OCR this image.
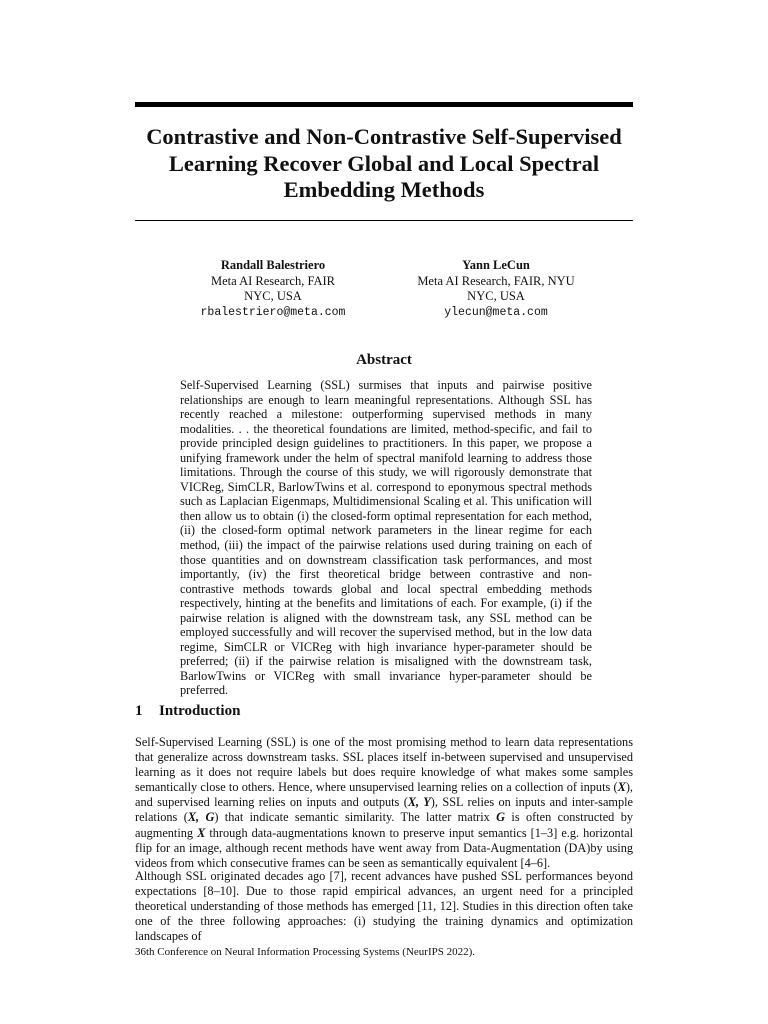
Contrastive and Non-Contrastive Self-Supervised Learning Recover Global and Local Spectral Embedding Methods
Randall Balestriero
Meta AI Research, FAIR
NYC, USA
rbalestriero@meta.com
Yann LeCun
Meta AI Research, FAIR, NYU
NYC, USA
ylecun@meta.com
Abstract

Self-Supervised Learning (SSL) surmises that inputs and pairwise positive relationships are enough to learn meaningful representations. Although SSL has recently reached a milestone: outperforming supervised methods in many modalities. . . the theoretical foundations are limited, method-specific, and fail to provide principled design guidelines to practitioners. In this paper, we propose a unifying framework under the helm of spectral manifold learning to address those limitations. Through the course of this study, we will rigorously demonstrate that VICReg, SimCLR, BarlowTwins et al. correspond to eponymous spectral methods such as Laplacian Eigenmaps, Multidimensional Scaling et al. This unification will then allow us to obtain (i) the closed-form optimal representation for each method, (ii) the closed-form optimal network parameters in the linear regime for each method, (iii) the impact of the pairwise relations used during training on each of those quantities and on downstream classification task performances, and most importantly, (iv) the first theoretical bridge between contrastive and non-contrastive methods towards global and local spectral embedding methods respectively, hinting at the benefits and limitations of each. For example, (i) if the pairwise relation is aligned with the downstream task, any SSL method can be employed successfully and will recover the supervised method, but in the low data regime, SimCLR or VICReg with high invariance hyper-parameter should be preferred; (ii) if the pairwise relation is misaligned with the downstream task, BarlowTwins or VICReg with small invariance hyper-parameter should be preferred.

1 Introduction

Self-Supervised Learning (SSL) is one of the most promising method to learn data representations that generalize across downstream tasks. SSL places itself in-between supervised and unsupervised learning as it does not require labels but does require knowledge of what makes some samples semantically close to others. Hence, where unsupervised learning relies on a collection of inputs (X), and supervised learning relies on inputs and outputs (X, Y), SSL relies on inputs and inter-sample relations (X, G) that indicate semantic similarity. The latter matrix G is often constructed by augmenting X through data-augmentations known to preserve input semantics [1–3] e.g. horizontal flip for an image, although recent methods have went away from Data-Augmentation (DA)by using videos from which consecutive frames can be seen as semantically equivalent [4–6].

Although SSL originated decades ago [7], recent advances have pushed SSL performances beyond expectations [8–10]. Due to those rapid empirical advances, an urgent need for a principled theoretical understanding of those methods has emerged [11, 12]. Studies in this direction often take one of the three following approaches: (i) studying the training dynamics and optimization landscapes of

36th Conference on Neural Information Processing Systems (NeurIPS 2022).
